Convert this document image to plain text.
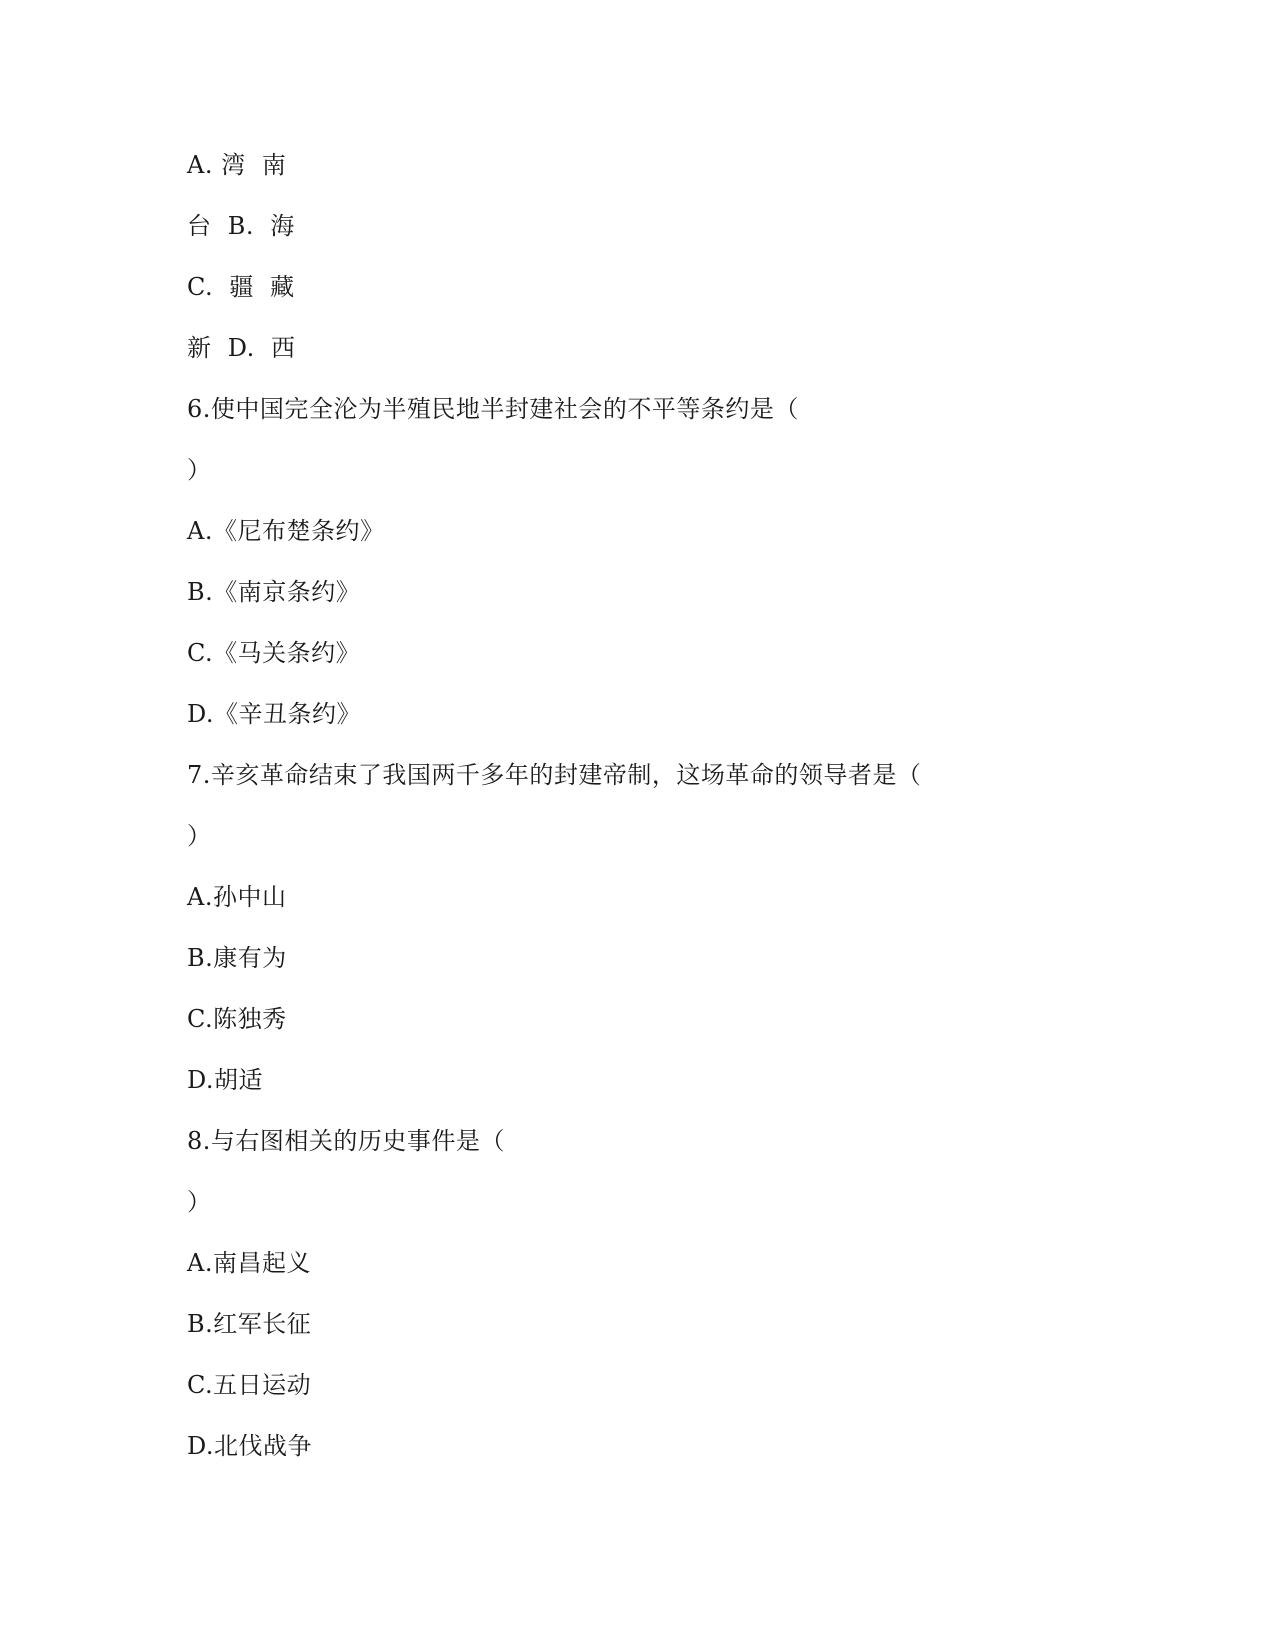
A. 湾  南
台  B.  海
C.  疆  藏
新  D.  西
6.使中国完全沦为半殖民地半封建社会的不平等条约是（
）
A.《尼布楚条约》
B.《南京条约》
C.《马关条约》
D.《辛丑条约》
7.辛亥革命结束了我国两千多年的封建帝制，这场革命的领导者是（
）
A.孙中山
B.康有为
C.陈独秀
D.胡适
8.与右图相关的历史事件是（
）
A.南昌起义
B.红军长征
C.五日运动
D.北伐战争
